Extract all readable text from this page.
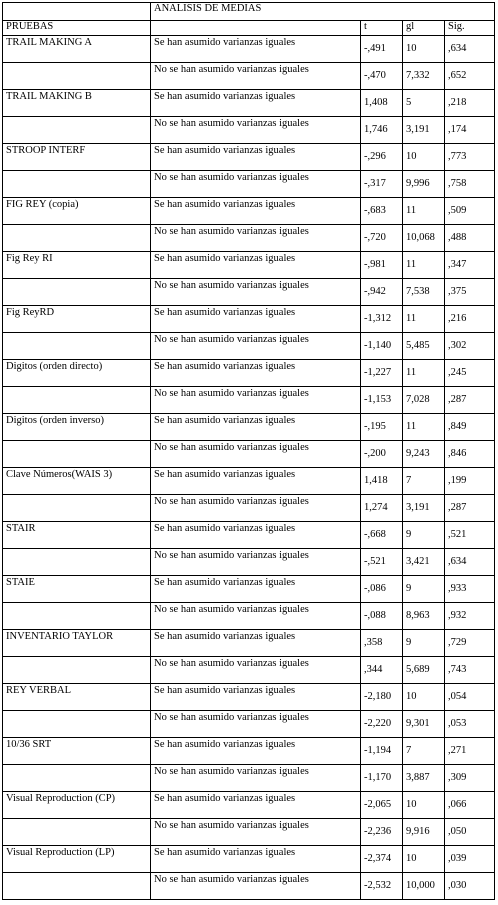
	ANALISIS DE MEDIAS			
PRUEBAS		t	gl	Sig.
TRAIL MAKING A	Se han asumido varianzas iguales	-,491	10	,634
	No se han asumido varianzas iguales	-,470	7,332	,652
TRAIL MAKING B	Se han asumido varianzas iguales	1,408	5	,218
	No se han asumido varianzas iguales	1,746	3,191	,174
STROOP INTERF	Se han asumido varianzas iguales	-,296	10	,773
	No se han asumido varianzas iguales	-,317	9,996	,758
FIG REY (copia)	Se han asumido varianzas iguales	-,683	11	,509
	No se han asumido varianzas iguales	-,720	10,068	,488
Fig Rey RI	Se han asumido varianzas iguales	-,981	11	,347
	No se han asumido varianzas iguales	-,942	7,538	,375
Fig ReyRD	Se han asumido varianzas iguales	-1,312	11	,216
	No se han asumido varianzas iguales	-1,140	5,485	,302
Digitos (orden directo)	Se han asumido varianzas iguales	-1,227	11	,245
	No se han asumido varianzas iguales	-1,153	7,028	,287
Digitos (orden inverso)	Se han asumido varianzas iguales	-,195	11	,849
	No se han asumido varianzas iguales	-,200	9,243	,846
Clave Números(WAIS 3)	Se han asumido varianzas iguales	1,418	7	,199
	No se han asumido varianzas iguales	1,274	3,191	,287
STAIR	Se han asumido varianzas iguales	-,668	9	,521
	No se han asumido varianzas iguales	-,521	3,421	,634
STAIE	Se han asumido varianzas iguales	-,086	9	,933
	No se han asumido varianzas iguales	-,088	8,963	,932
INVENTARIO TAYLOR	Se han asumido varianzas iguales	,358	9	,729
	No se han asumido varianzas iguales	,344	5,689	,743
REY VERBAL	Se han asumido varianzas iguales	-2,180	10	,054
	No se han asumido varianzas iguales	-2,220	9,301	,053
10/36 SRT	Se han asumido varianzas iguales	-1,194	7	,271
	No se han asumido varianzas iguales	-1,170	3,887	,309
Visual Reproduction (CP)	Se han asumido varianzas iguales	-2,065	10	,066
	No se han asumido varianzas iguales	-2,236	9,916	,050
Visual Reproduction (LP)	Se han asumido varianzas iguales	-2,374	10	,039
	No se han asumido varianzas iguales	-2,532	10,000	,030
